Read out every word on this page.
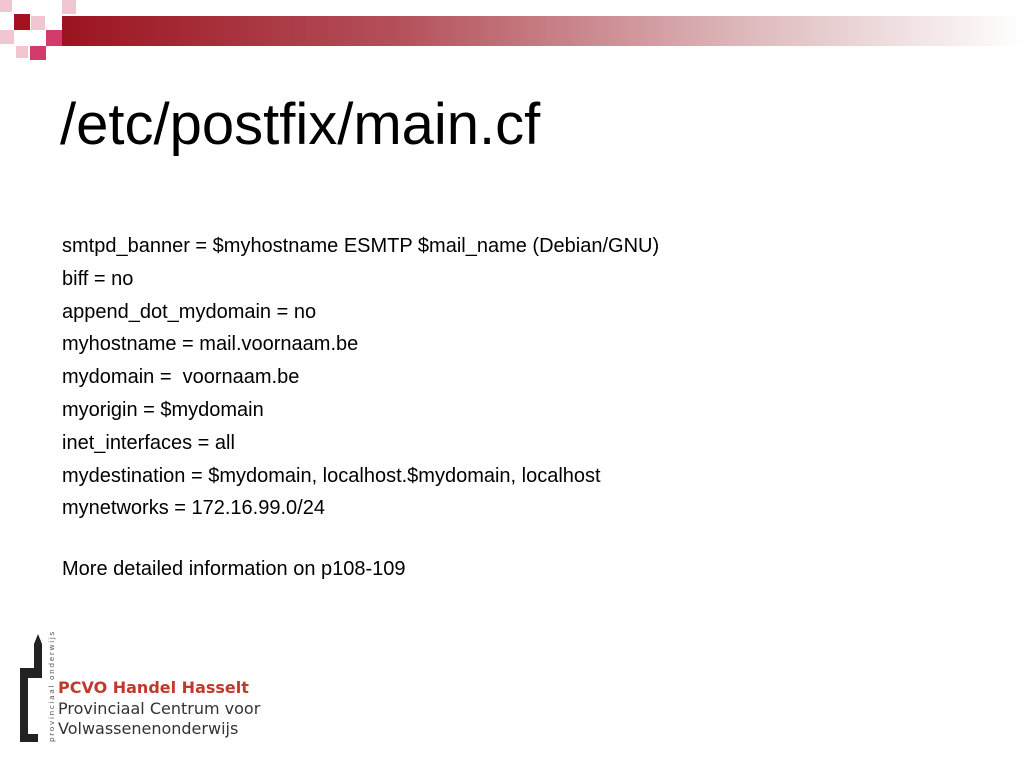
/etc/postfix/main.cf
smtpd_banner = $myhostname ESMTP $mail_name (Debian/GNU)
biff = no
append_dot_mydomain = no
myhostname = mail.voornaam.be
mydomain =  voornaam.be
myorigin = $mydomain
inet_interfaces = all
mydestination = $mydomain, localhost.$mydomain, localhost
mynetworks = 172.16.99.0/24

More detailed information on p108-109

provinciaal onderwijs PCVO Handel Hasselt
Provinciaal Centrum voor
Volwassenenonderwijs
